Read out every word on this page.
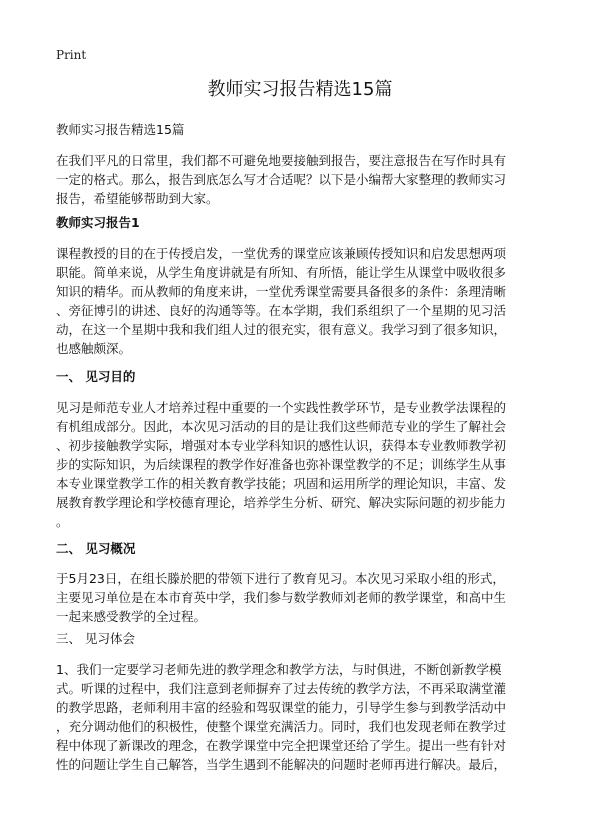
Print
教师实习报告精选15篇

教师实习报告精选15篇

在我们平凡的日常里，我们都不可避免地要接触到报告，要注意报告在写作时具有
一定的格式。那么，报告到底怎么写才合适呢？以下是小编帮大家整理的教师实习
报告，希望能够帮助到大家。

教师实习报告1

课程教授的目的在于传授启发，一堂优秀的课堂应该兼顾传授知识和启发思想两项
职能。简单来说，从学生角度讲就是有所知、有所悟，能让学生从课堂中吸收很多
知识的精华。而从教师的角度来讲，一堂优秀课堂需要具备很多的条件：条理清晰
、旁征博引的讲述、良好的沟通等等。在本学期，我们系组织了一个星期的见习活
动，在这一个星期中我和我们组人过的很充实，很有意义。我学习到了很多知识，
也感触颇深。

一、 见习目的

见习是师范专业人才培养过程中重要的一个实践性教学环节，是专业教学法课程的
有机组成部分。因此，本次见习活动的目的是让我们这些师范专业的学生了解社会
、初步接触教学实际，增强对本专业学科知识的感性认识，获得本专业教师教学初
步的实际知识，为后续课程的教学作好准备也弥补课堂教学的不足；训练学生从事
本专业课堂教学工作的相关教育教学技能；巩固和运用所学的理论知识，丰富、发
展教育教学理论和学校德育理论，培养学生分析、研究、解决实际问题的初步能力
。

二、 见习概况

于5月23日，在组长滕於肥的带领下进行了教育见习。本次见习采取小组的形式，
主要见习单位是在本市育英中学，我们参与数学教师刘老师的教学课堂，和高中生
一起来感受教学的全过程。

三、 见习体会

1、我们一定要学习老师先进的教学理念和教学方法，与时俱进，不断创新教学模
式。听课的过程中，我们注意到老师摒弃了过去传统的教学方法，不再采取满堂灌
的教学思路，老师利用丰富的经验和驾驭课堂的能力，引导学生参与到教学活动中
，充分调动他们的积极性，使整个课堂充满活力。同时，我们也发现老师在教学过
程中体现了新课改的理念，在教学课堂中完全把课堂还给了学生。提出一些有针对
性的问题让学生自己解答，当学生遇到不能解决的问题时老师再进行解决。最后，
